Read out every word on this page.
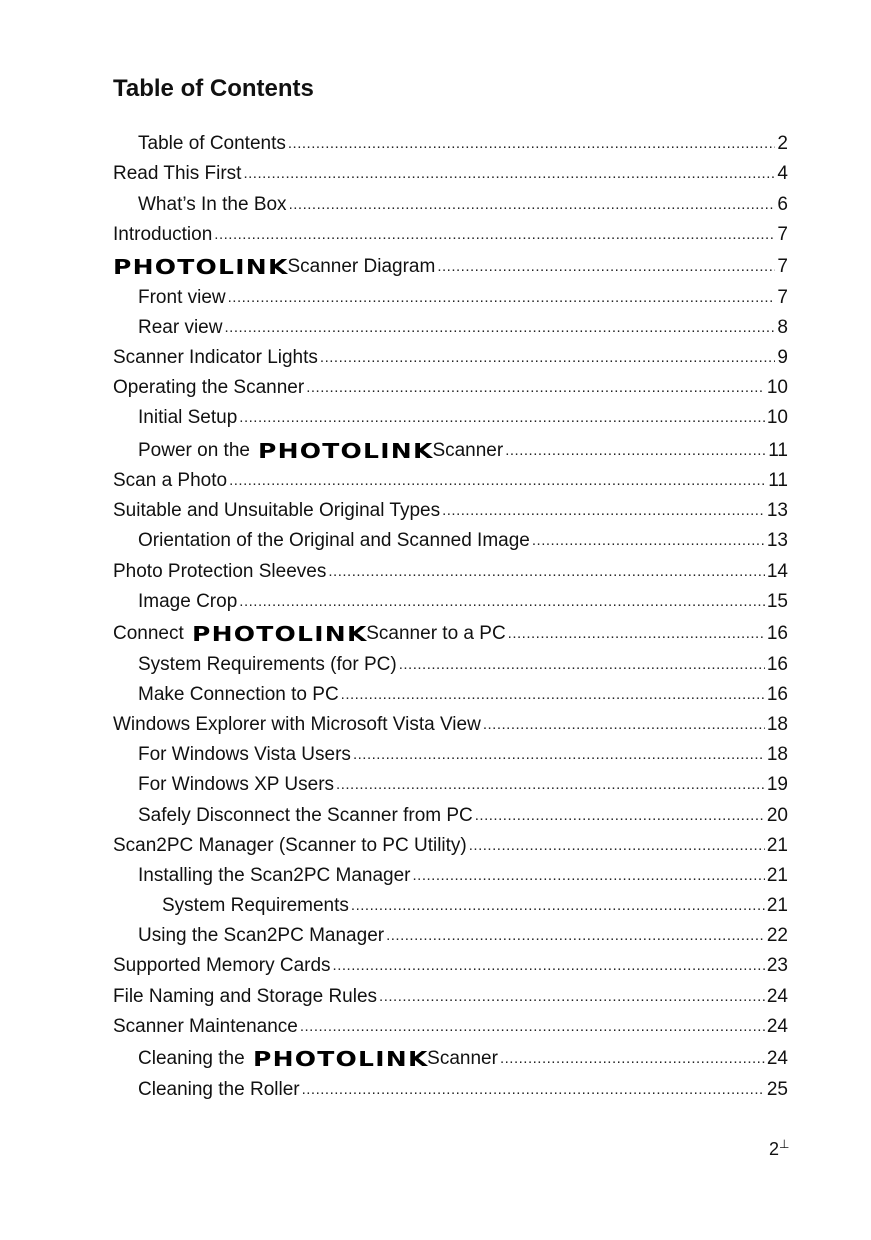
Table of Contents
Table of Contents .....	2
Read This First .....	4
What’s In the Box .....	6
Introduction .....	7
PHOTOLINK
Scanner Diagram .....	7
Front view .....	7
Rear view .....	8
Scanner Indicator Lights .....	9
Operating the Scanner .....	10
Initial Setup .....	10
Power on the PHOTOLINK
Scanner .....	11
Scan a Photo .....	11
Suitable and Unsuitable Original Types .....	13
Orientation of the Original and Scanned Image .....	13
Photo Protection Sleeves .....	14
Image Crop .....	15
Connect PHOTOLINK
Scanner to a PC .....	16
System Requirements (for PC) .....	16
Make Connection to PC .....	16
Windows Explorer with Microsoft Vista View .....	18
For Windows Vista Users .....	18
For Windows XP Users .....	19
Safely Disconnect the Scanner from PC .....	20
Scan2PC Manager (Scanner to PC Utility) .....	21
Installing the Scan2PC Manager .....	21
System Requirements .....	21
Using the Scan2PC Manager .....	22
Supported Memory Cards .....	23
File Naming and Storage Rules .....	24
Scanner Maintenance .....	24
Cleaning the PHOTOLINK
Scanner .....	24
Cleaning the Roller .....	25
2⊥
